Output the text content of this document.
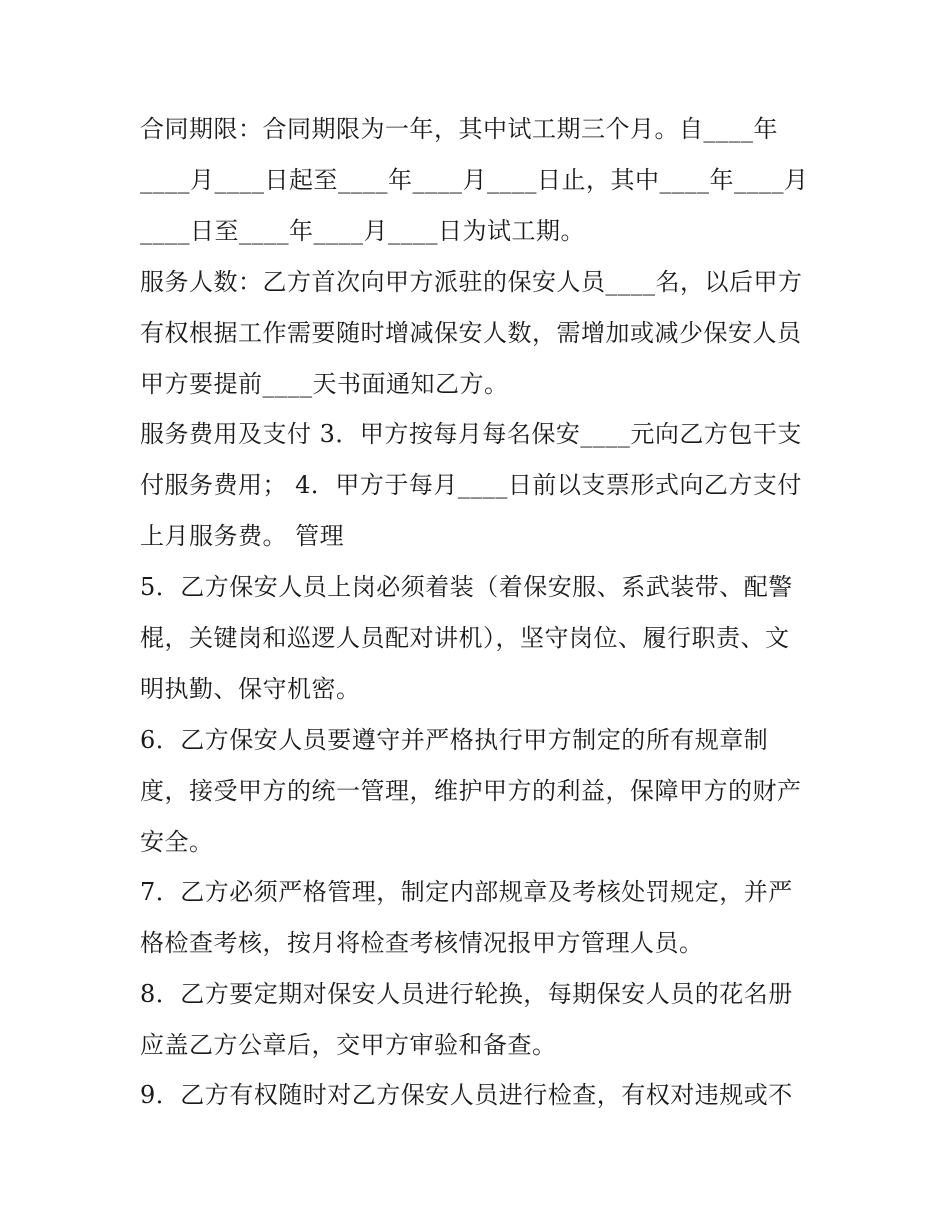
合同期限：合同期限为一年，其中试工期三个月。自____年
____月____日起至____年____月____日止，其中____年____月
____日至____年____月____日为试工期。
服务人数：乙方首次向甲方派驻的保安人员____名，以后甲方
有权根据工作需要随时增减保安人数，需增加或减少保安人员
甲方要提前____天书面通知乙方。
服务费用及支付 3．甲方按每月每名保安____元向乙方包干支
付服务费用； 4．甲方于每月____日前以支票形式向乙方支付
上月服务费。 管理
5．乙方保安人员上岗必须着装（着保安服、系武装带、配警
棍，关键岗和巡逻人员配对讲机），坚守岗位、履行职责、文
明执勤、保守机密。
6．乙方保安人员要遵守并严格执行甲方制定的所有规章制
度，接受甲方的统一管理，维护甲方的利益，保障甲方的财产
安全。
7．乙方必须严格管理，制定内部规章及考核处罚规定，并严
格检查考核，按月将检查考核情况报甲方管理人员。
8．乙方要定期对保安人员进行轮换，每期保安人员的花名册
应盖乙方公章后，交甲方审验和备查。
9．乙方有权随时对乙方保安人员进行检查，有权对违规或不
